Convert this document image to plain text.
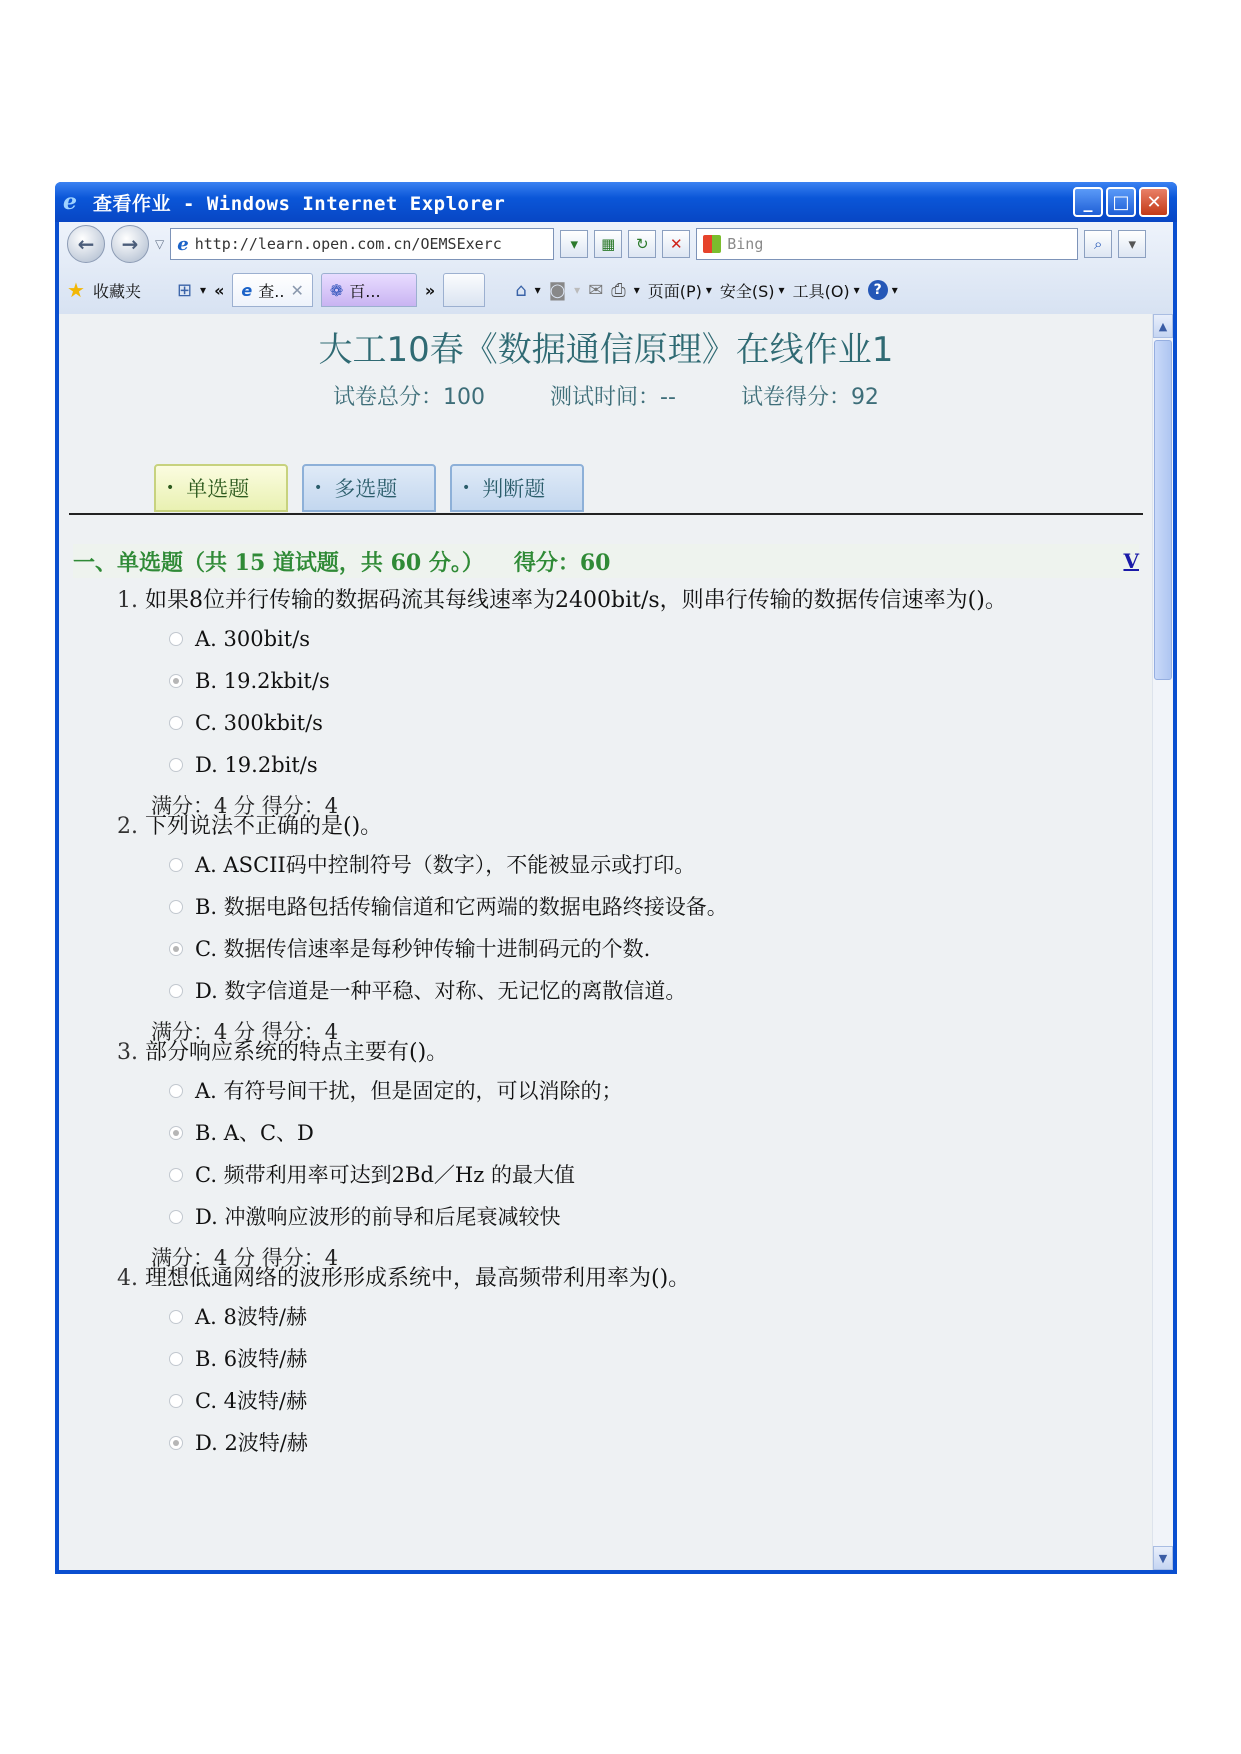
e 查看作业 - Windows Internet Explorer	_	□ ✕
←	→	▽ e http://learn.open.com.cn/OEMSExerc	▾	▦	↻	✕	Bing	⌕	▾
★ 收藏夹 ⊞ ▾ « e 查.. ✕ ❁ 百...	»	⌂ ▾ ◙ ▾ ✉ ⎙ ▾ 页面(P) ▾ 安全(S) ▾ 工具(O) ▾ ? ▾
大工10春《数据通信原理》在线作业1
试卷总分：100	测试时间：--	试卷得分：92
• 单选题	• 多选题	• 判断题
一、单选题（共 15 道试题，共 60 分。） 得分：60	V
1. 如果8位并行传输的数据码流其每线速率为2400bit/s，则串行传输的数据传信速率为()。
A. 300bit/s
B. 19.2kbit/s
C. 300kbit/s
D. 19.2bit/s
满分：4 分 得分：4
2. 下列说法不正确的是()。
A. ASCII码中控制符号（数字），不能被显示或打印。
B. 数据电路包括传输信道和它两端的数据电路终接设备。
C. 数据传信速率是每秒钟传输十进制码元的个数.
D. 数字信道是一种平稳、对称、无记忆的离散信道。
满分：4 分 得分：4
3. 部分响应系统的特点主要有()。
A. 有符号间干扰，但是固定的，可以消除的；
B. A、C、D
C. 频带利用率可达到2Bd／Hz 的最大值
D. 冲激响应波形的前导和后尾衰减较快
满分：4 分 得分：4
4. 理想低通网络的波形形成系统中，最高频带利用率为()。
A. 8波特/赫
B. 6波特/赫
C. 4波特/赫
D. 2波特/赫
▲
▼
